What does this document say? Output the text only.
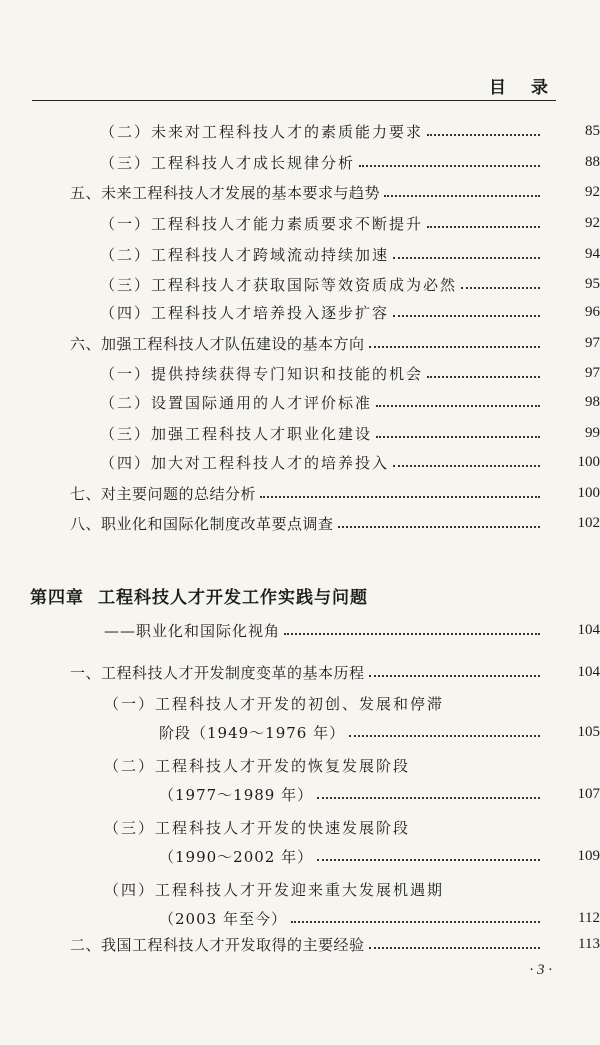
目　录
（二）未来对工程科技人才的素质能力要求	85
（三）工程科技人才成长规律分析	88
五、未来工程科技人才发展的基本要求与趋势	92
（一）工程科技人才能力素质要求不断提升	92
（二）工程科技人才跨域流动持续加速	94
（三）工程科技人才获取国际等效资质成为必然	95
（四）工程科技人才培养投入逐步扩容	96
六、加强工程科技人才队伍建设的基本方向	97
（一）提供持续获得专门知识和技能的机会	97
（二）设置国际通用的人才评价标准	98
（三）加强工程科技人才职业化建设	99
（四）加大对工程科技人才的培养投入	100
七、对主要问题的总结分析	100
八、职业化和国际化制度改革要点调查	102
第四章 工程科技人才开发工作实践与问题
——职业化和国际化视角	104
一、工程科技人才开发制度变革的基本历程	104
（一）工程科技人才开发的初创、发展和停滞
阶段（1949～1976 年）	105
（二）工程科技人才开发的恢复发展阶段
（1977～1989 年）	107
（三）工程科技人才开发的快速发展阶段
（1990～2002 年）	109
（四）工程科技人才开发迎来重大发展机遇期
（2003 年至今）	112
二、我国工程科技人才开发取得的主要经验	113
· 3 ·
